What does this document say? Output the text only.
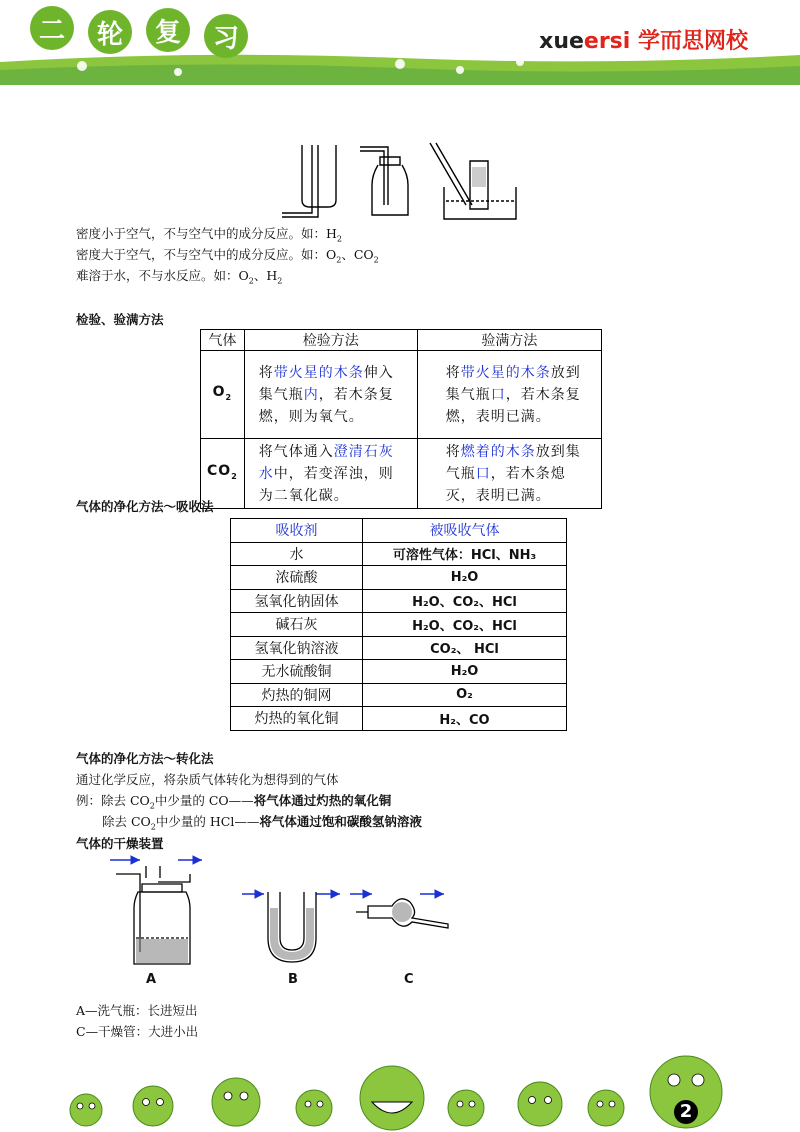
二	轮	复	习	xueersi 学而思网校
密度小于空气，不与空气中的成分反应。如：$H_2$
密度大于空气，不与空气中的成分反应。如：$O_2$、$CO_2$
难溶于水，不与水反应。如：$O_2$、$H_2$
检验、验满方法
气体	检验方法	验满方法
$O_2$	将带火星的木条伸入集气瓶内，若木条复燃，则为氧气。	将带火星的木条放到集气瓶口，若木条复燃，表明已满。
$CO_2$	将气体通入澄清石灰水中，若变浑浊，则为二氧化碳。	将燃着的木条放到集气瓶口，若木条熄灭，表明已满。
气体的净化方法～吸收法
吸收剂	被吸收气体
水	可溶性气体：HCl、NH₃
浓硫酸	H₂O
氢氧化钠固体	H₂O、CO₂、HCl
碱石灰	H₂O、CO₂、HCl
氢氧化钠溶液	CO₂、 HCl
无水硫酸铜	H₂O
灼热的铜网	O₂
灼热的氧化铜	H₂、CO
气体的净化方法～转化法
通过化学反应，将杂质气体转化为想得到的气体
例：除去 $CO_2$中少量的 CO——将气体通过灼热的氧化铜
除去 $CO_2$中少量的 HCl——将气体通过饱和碳酸氢钠溶液
气体的干燥装置
A	B	C
A—洗气瓶：长进短出
C—干燥管：大进小出
2
